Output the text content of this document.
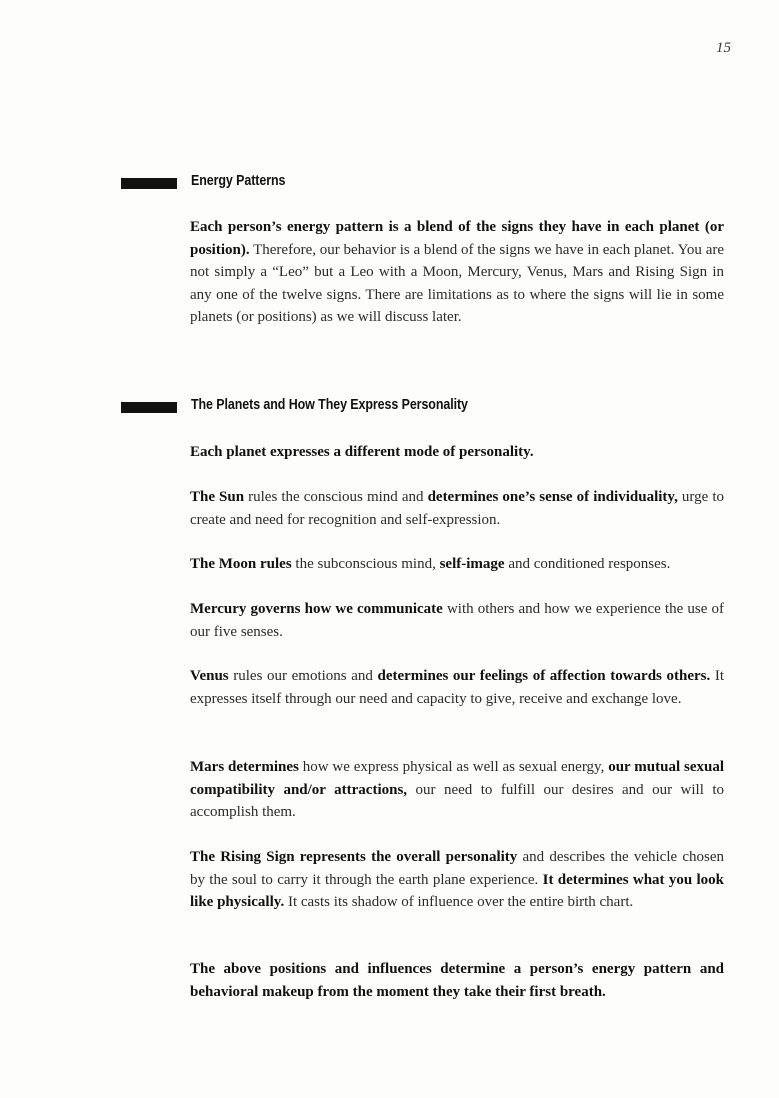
15
Energy Patterns
Each person’s energy pattern is a blend of the signs they have in each planet (or position). Therefore, our behavior is a blend of the signs we have in each planet. You are not simply a “Leo” but a Leo with a Moon, Mercury, Venus, Mars and Rising Sign in any one of the twelve signs. There are limitations as to where the signs will lie in some planets (or positions) as we will discuss later.
The Planets and How They Express Personality
Each planet expresses a different mode of personality.
The Sun rules the conscious mind and determines one’s sense of individuality, urge to create and need for recognition and self-expression.
The Moon rules the subconscious mind, self-image and conditioned responses.
Mercury governs how we communicate with others and how we experience the use of our five senses.
Venus rules our emotions and determines our feelings of affection towards others. It expresses itself through our need and capacity to give, receive and exchange love.
Mars determines how we express physical as well as sexual energy, our mutual sexual compatibility and/or attractions, our need to fulfill our desires and our will to accomplish them.
The Rising Sign represents the overall personality and describes the vehicle chosen by the soul to carry it through the earth plane experience. It determines what you look like physically. It casts its shadow of influence over the entire birth chart.
The above positions and influences determine a person’s energy pattern and behavioral makeup from the moment they take their first breath.
